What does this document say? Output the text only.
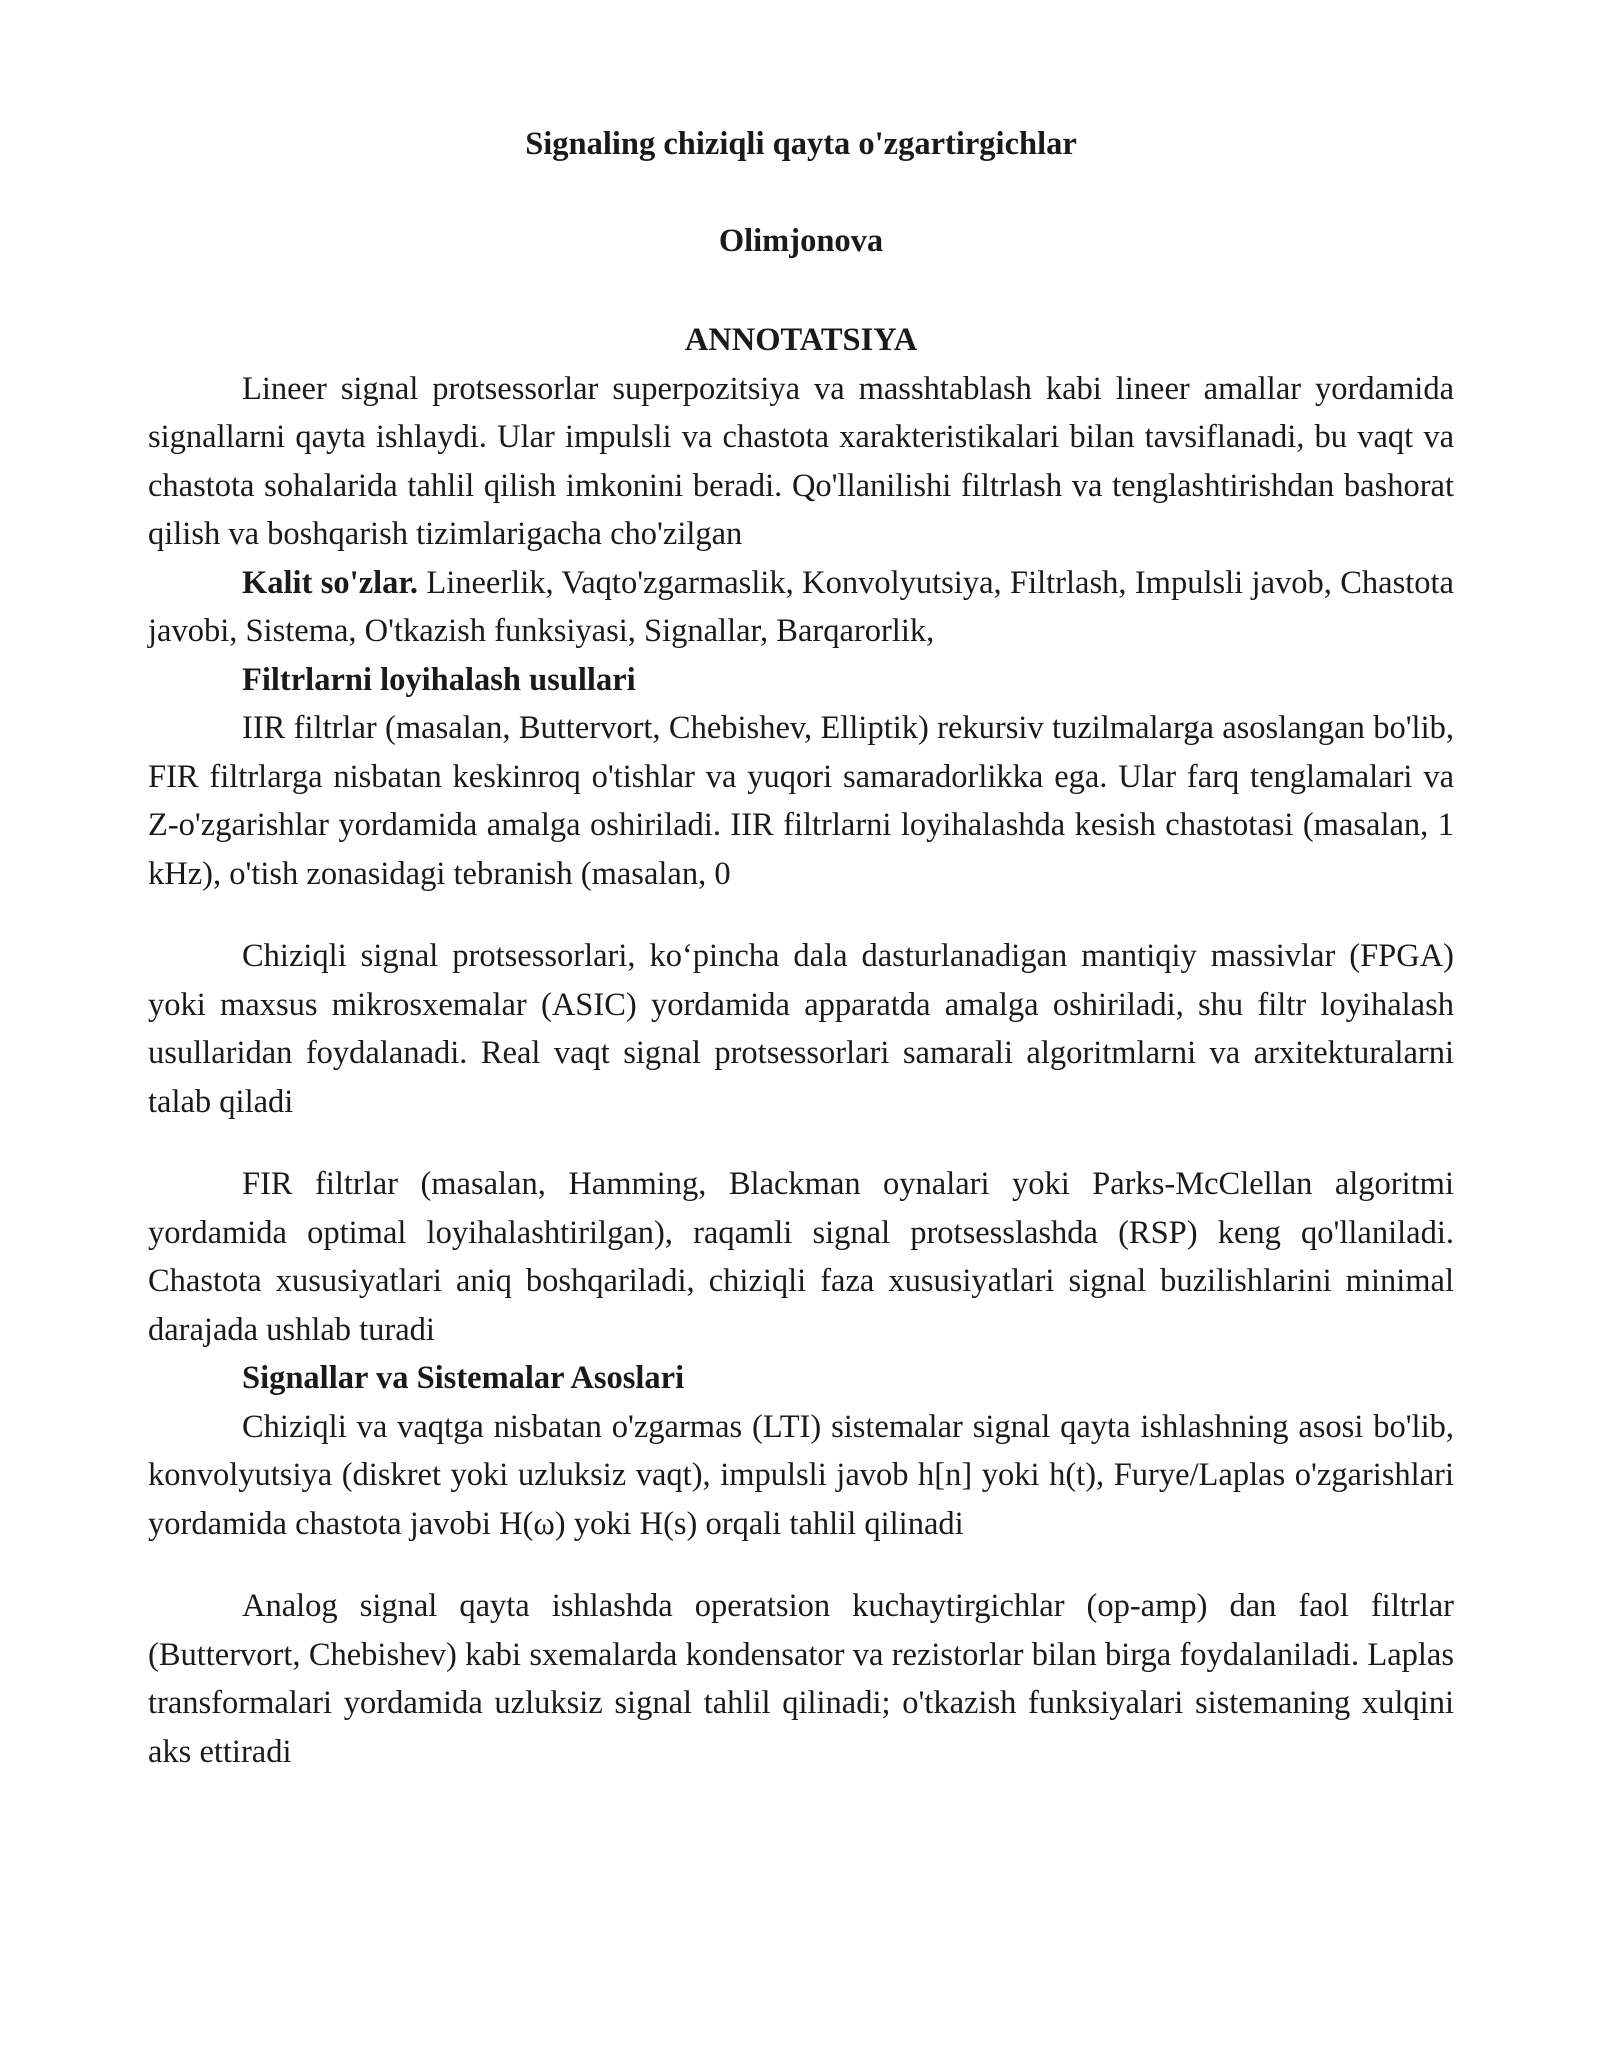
Signaling chiziqli qayta o'zgartirgichlar
Olimjonova
ANNOTATSIYA

Lineer signal protsessorlar superpozitsiya va masshtablash kabi lineer amallar yordamida signallarni qayta ishlaydi. Ular impulsli va chastota xarakteristikalari bilan tavsiflanadi, bu vaqt va chastota sohalarida tahlil qilish imkonini beradi. Qo'llanilishi filtrlash va tenglashtirishdan bashorat qilish va boshqarish tizimlarigacha cho'zilgan

Kalit so'zlar. Lineerlik, Vaqto'zgarmaslik, Konvolyutsiya, Filtrlash, Impulsli javob, Chastota javobi, Sistema, O'tkazish funksiyasi, Signallar, Barqarorlik,

Filtrlarni loyihalash usullari

IIR filtrlar (masalan, Buttervort, Chebishev, Elliptik) rekursiv tuzilmalarga asoslangan bo'lib, FIR filtrlarga nisbatan keskinroq o'tishlar va yuqori samaradorlikka ega. Ular farq tenglamalari va Z-o'zgarishlar yordamida amalga oshiriladi. IIR filtrlarni loyihalashda kesish chastotasi (masalan, 1 kHz), o'tish zonasidagi tebranish (masalan, 0

Chiziqli signal protsessorlari, ko‘pincha dala dasturlanadigan mantiqiy massivlar (FPGA) yoki maxsus mikrosxemalar (ASIC) yordamida apparatda amalga oshiriladi, shu filtr loyihalash usullaridan foydalanadi. Real vaqt signal protsessorlari samarali algoritmlarni va arxitekturalarni talab qiladi

FIR filtrlar (masalan, Hamming, Blackman oynalari yoki Parks-McClellan algoritmi yordamida optimal loyihalashtirilgan), raqamli signal protsesslashda (RSP) keng qo'llaniladi. Chastota xususiyatlari aniq boshqariladi, chiziqli faza xususiyatlari signal buzilishlarini minimal darajada ushlab turadi

Signallar va Sistemalar Asoslari

Chiziqli va vaqtga nisbatan o'zgarmas (LTI) sistemalar signal qayta ishlashning asosi bo'lib, konvolyutsiya (diskret yoki uzluksiz vaqt), impulsli javob h[n] yoki h(t), Furye/Laplas o'zgarishlari yordamida chastota javobi H(ω) yoki H(s) orqali tahlil qilinadi

Analog signal qayta ishlashda operatsion kuchaytirgichlar (op-amp) dan faol filtrlar (Buttervort, Chebishev) kabi sxemalarda kondensator va rezistorlar bilan birga foydalaniladi. Laplas transformalari yordamida uzluksiz signal tahlil qilinadi; o'tkazish funksiyalari sistemaning xulqini aks ettiradi
